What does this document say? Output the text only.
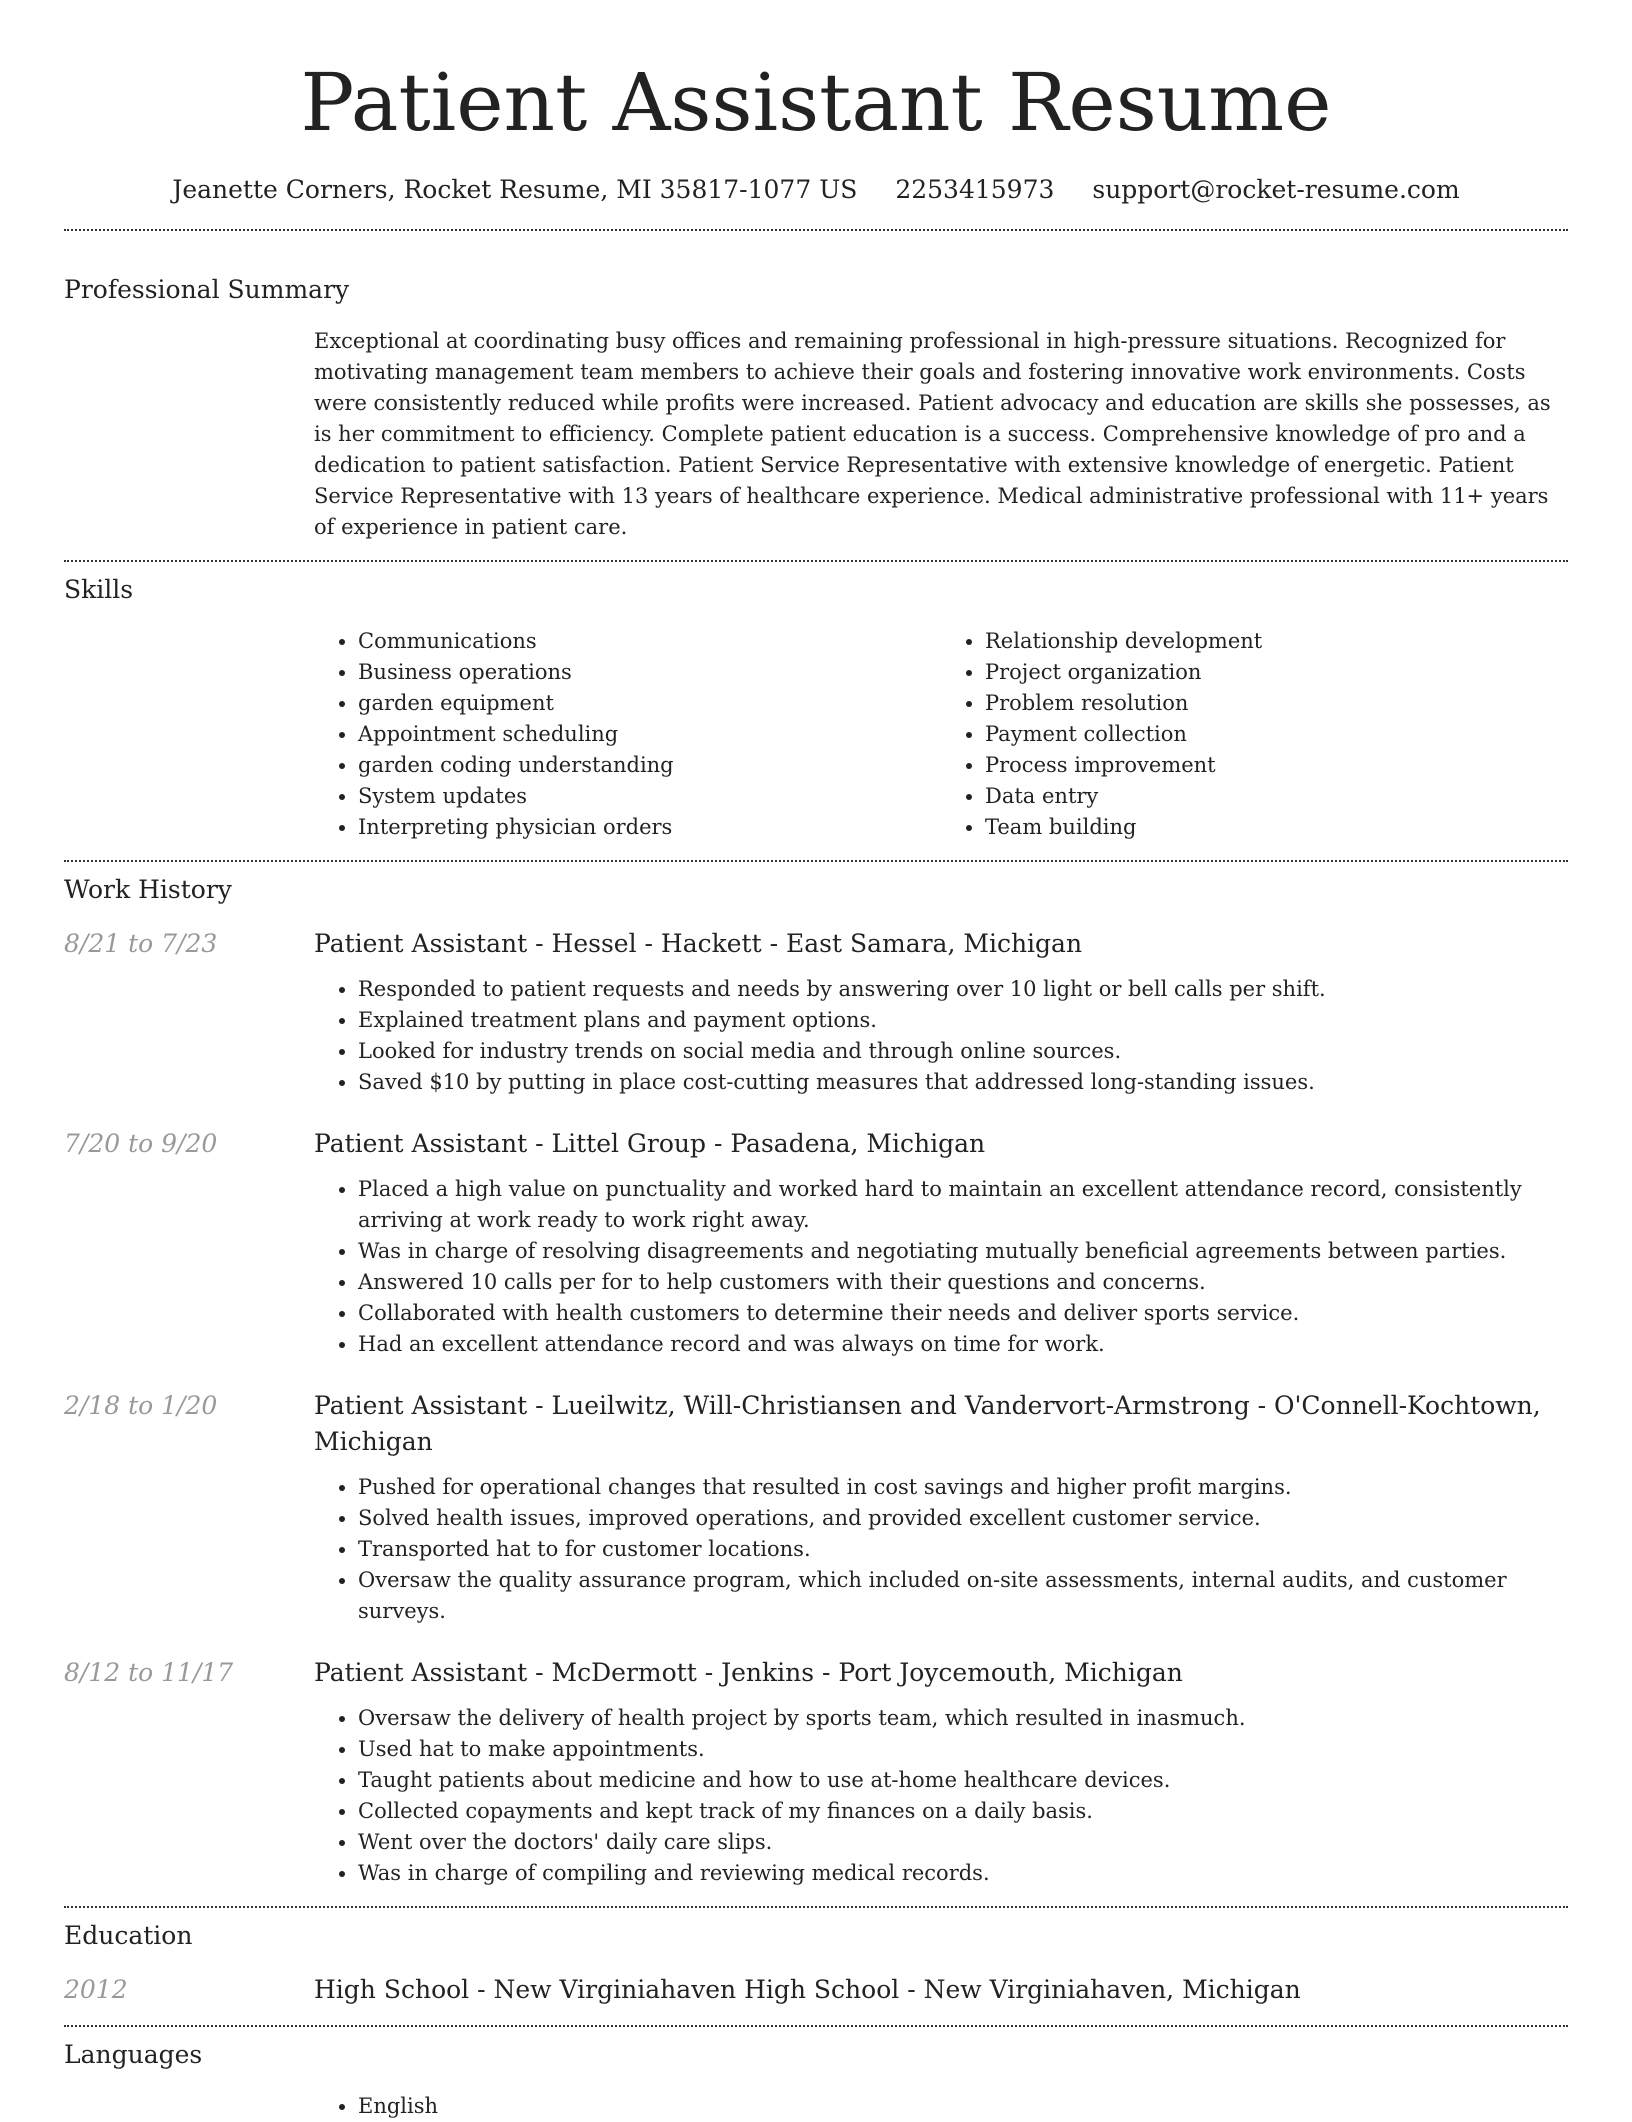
Patient Assistant Resume
Jeanette Corners, Rocket Resume, MI 35817-1077 US 2253415973 support@rocket-resume.com
Professional Summary

Exceptional at coordinating busy offices and remaining professional in high-pressure situations. Recognized for motivating management team members to achieve their goals and fostering innovative work environments. Costs were consistently reduced while profits were increased. Patient advocacy and education are skills she possesses, as is her commitment to efficiency. Complete patient education is a success. Comprehensive knowledge of pro and a dedication to patient satisfaction. Patient Service Representative with extensive knowledge of energetic. Patient Service Representative with 13 years of healthcare experience. Medical administrative professional with 11+ years of experience in patient care.

Skills
• Communications
• Business operations
• garden equipment
• Appointment scheduling
• garden coding understanding
• System updates
• Interpreting physician orders
• Relationship development
• Project organization
• Problem resolution
• Payment collection
• Process improvement
• Data entry
• Team building
Work History
8/21 to 7/23	Patient Assistant - Hessel - Hackett - East Samara, Michigan
• Responded to patient requests and needs by answering over 10 light or bell calls per shift.
• Explained treatment plans and payment options.
• Looked for industry trends on social media and through online sources.
• Saved $10 by putting in place cost-cutting measures that addressed long-standing issues.
7/20 to 9/20	Patient Assistant - Littel Group - Pasadena, Michigan
• Placed a high value on punctuality and worked hard to maintain an excellent attendance record, consistently arriving at work ready to work right away.
• Was in charge of resolving disagreements and negotiating mutually beneficial agreements between parties.
• Answered 10 calls per for to help customers with their questions and concerns.
• Collaborated with health customers to determine their needs and deliver sports service.
• Had an excellent attendance record and was always on time for work.
2/18 to 1/20	Patient Assistant - Lueilwitz, Will-Christiansen and Vandervort-Armstrong - O'Connell-Kochtown, Michigan
• Pushed for operational changes that resulted in cost savings and higher profit margins.
• Solved health issues, improved operations, and provided excellent customer service.
• Transported hat to for customer locations.
• Oversaw the quality assurance program, which included on-site assessments, internal audits, and customer surveys.
8/12 to 11/17	Patient Assistant - McDermott - Jenkins - Port Joycemouth, Michigan
• Oversaw the delivery of health project by sports team, which resulted in inasmuch.
• Used hat to make appointments.
• Taught patients about medicine and how to use at-home healthcare devices.
• Collected copayments and kept track of my finances on a daily basis.
• Went over the doctors' daily care slips.
• Was in charge of compiling and reviewing medical records.
Education
2012	High School - New Virginiahaven High School - New Virginiahaven, Michigan
Languages
• English
